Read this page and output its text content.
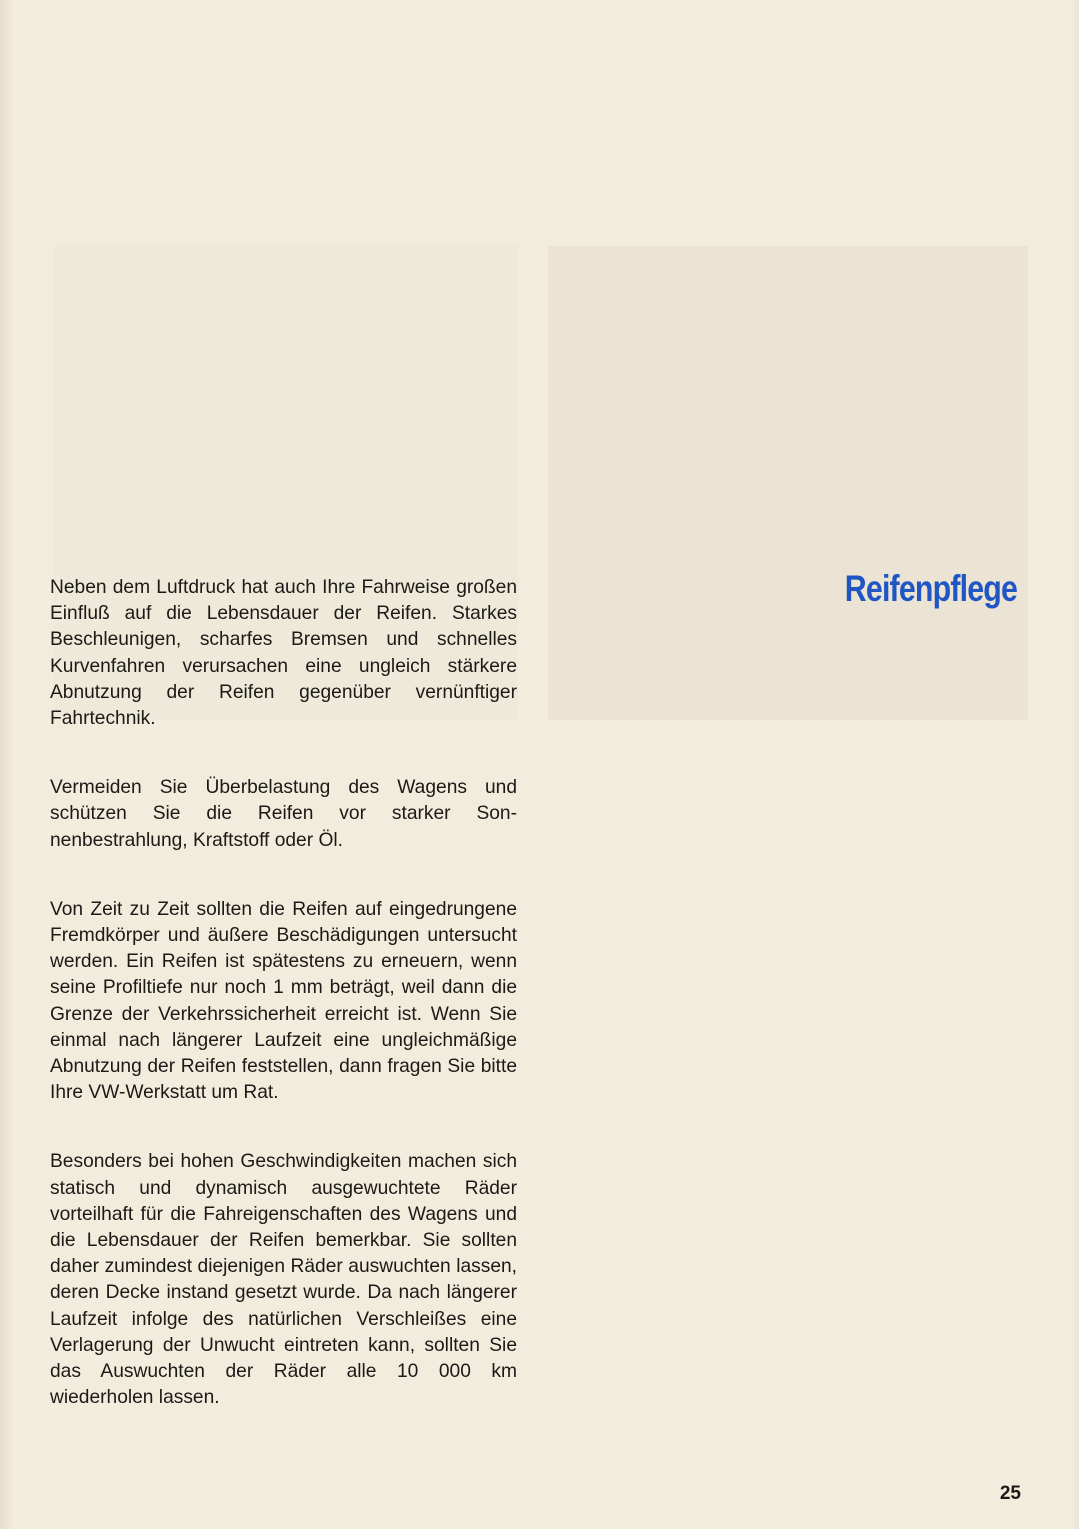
Reifenpflege

Neben dem Luftdruck hat auch Ihre Fahrweise großen Einfluß auf die Lebensdauer der Reifen. Starkes Beschleunigen, scharfes Bremsen und schnelles Kurvenfahren verursachen eine ungleich stärkere Abnutzung der Reifen gegenüber vernünftiger Fahrtechnik.

Vermeiden Sie Überbelastung des Wagens und schützen Sie die Reifen vor starker Sonnenbestrahlung, Kraftstoff oder Öl.

Von Zeit zu Zeit sollten die Reifen auf eingedrungene Fremdkörper und äußere Beschädigungen untersucht werden. Ein Reifen ist spätestens zu erneuern, wenn seine Profiltiefe nur noch 1 mm beträgt, weil dann die Grenze der Verkehrssicherheit erreicht ist. Wenn Sie einmal nach längerer Laufzeit eine ungleichmäßige Abnutzung der Reifen feststellen, dann fragen Sie bitte Ihre VW-Werkstatt um Rat.

Besonders bei hohen Geschwindigkeiten machen sich statisch und dynamisch ausgewuchtete Räder vorteilhaft für die Fahreigenschaften des Wagens und die Lebensdauer der Reifen bemerkbar. Sie sollten daher zumindest diejenigen Räder auswuchten lassen, deren Decke instand gesetzt wurde. Da nach längerer Laufzeit infolge des natürlichen Verschleißes eine Verlagerung der Unwucht eintreten kann, sollten Sie das Auswuchten der Räder alle 10 000 km wiederholen lassen.

25
